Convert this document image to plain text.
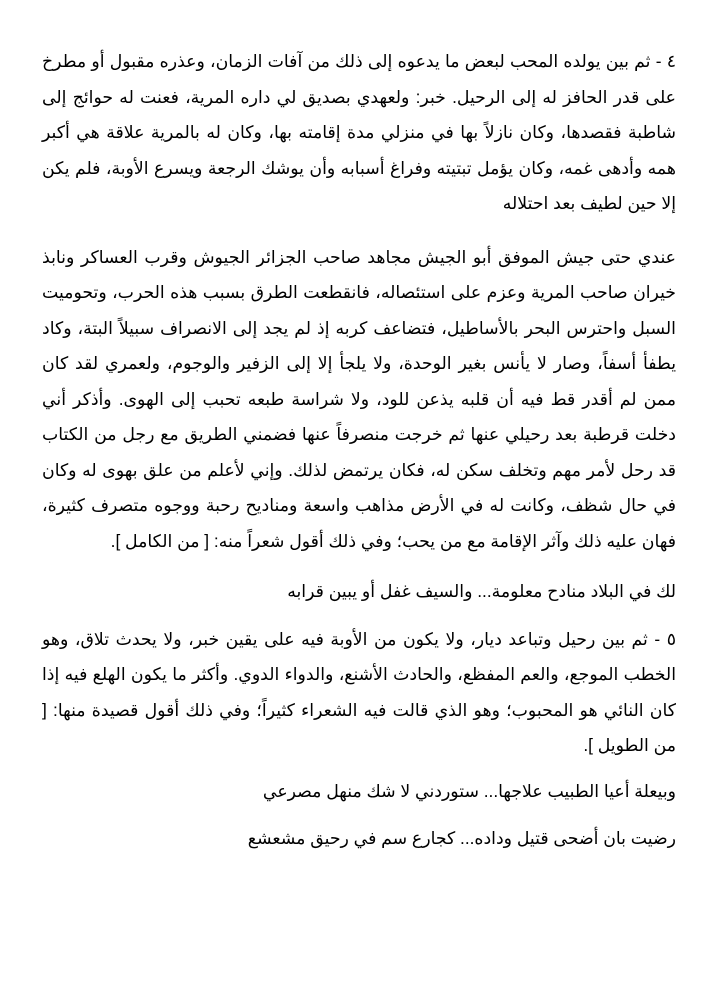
٤ - ثم بين يولده المحب لبعض ما يدعوه إلى ذلك من آفات الزمان، وعذره مقبول أو مطرخ على قدر الحافز له إلى الرحيل. خبر: ولعهدي بصديق لي داره المرية، فعنت له حوائج إلى شاطبة فقصدها، وكان نازلاً بها في منزلي مدة إقامته بها، وكان له بالمرية علاقة هي أكبر همه وأدهى غمه، وكان يؤمل تبتيته وفراغ أسبابه وأن يوشك الرجعة ويسرع الأوبة، فلم يكن إلا حين لطيف بعد احتلاله

عندي حتى جيش الموفق أبو الجيش مجاهد صاحب الجزائر الجيوش وقرب العساكر ونابذ خيران صاحب المرية وعزم على استئصاله، فانقطعت الطرق بسبب هذه الحرب، وتحوميت السبل واحترس البحر بالأساطيل، فتضاعف كربه إذ لم يجد إلى الانصراف سبيلاً البتة، وكاد يطفأ أسفاً، وصار لا يأنس بغير الوحدة، ولا يلجأ إلا إلى الزفير والوجوم، ولعمري لقد كان ممن لم أقدر قط فيه أن قلبه يذعن للود، ولا شراسة طبعه تحبب إلى الهوى. وأذكر أني دخلت قرطبة بعد رحيلي عنها ثم خرجت منصرفاً عنها فضمني الطريق مع رجل من الكتاب قد رحل لأمر مهم وتخلف سكن له، فكان يرتمض لذلك. وإني لأعلم من علق بهوى له وكان في حال شظف، وكانت له في الأرض مذاهب واسعة ومناديح رحبة ووجوه متصرف كثيرة، فهان عليه ذلك وآثر الإقامة مع من يحب؛ وفي ذلك أقول شعراً منه: [ من الكامل ].

لك في البلاد منادح معلومة... والسيف غفل أو يبين قرابه

٥ - ثم بين رحيل وتباعد ديار، ولا يكون من الأوبة فيه على يقين خبر، ولا يحدث تلاق، وهو الخطب الموجع، والعم المفظع، والحادث الأشنع، والدواء الدوي. وأكثر ما يكون الهلع فيه إذا كان النائي هو المحبوب؛ وهو الذي قالت فيه الشعراء كثيراً؛ وفي ذلك أقول قصيدة منها: [ من الطويل ].

وبيعلة أعيا الطبيب علاجها... ستوردني لا شك منهل مصرعي

رضيت بان أضحى قتيل وداده... كجارع سم في رحيق مشعشع
